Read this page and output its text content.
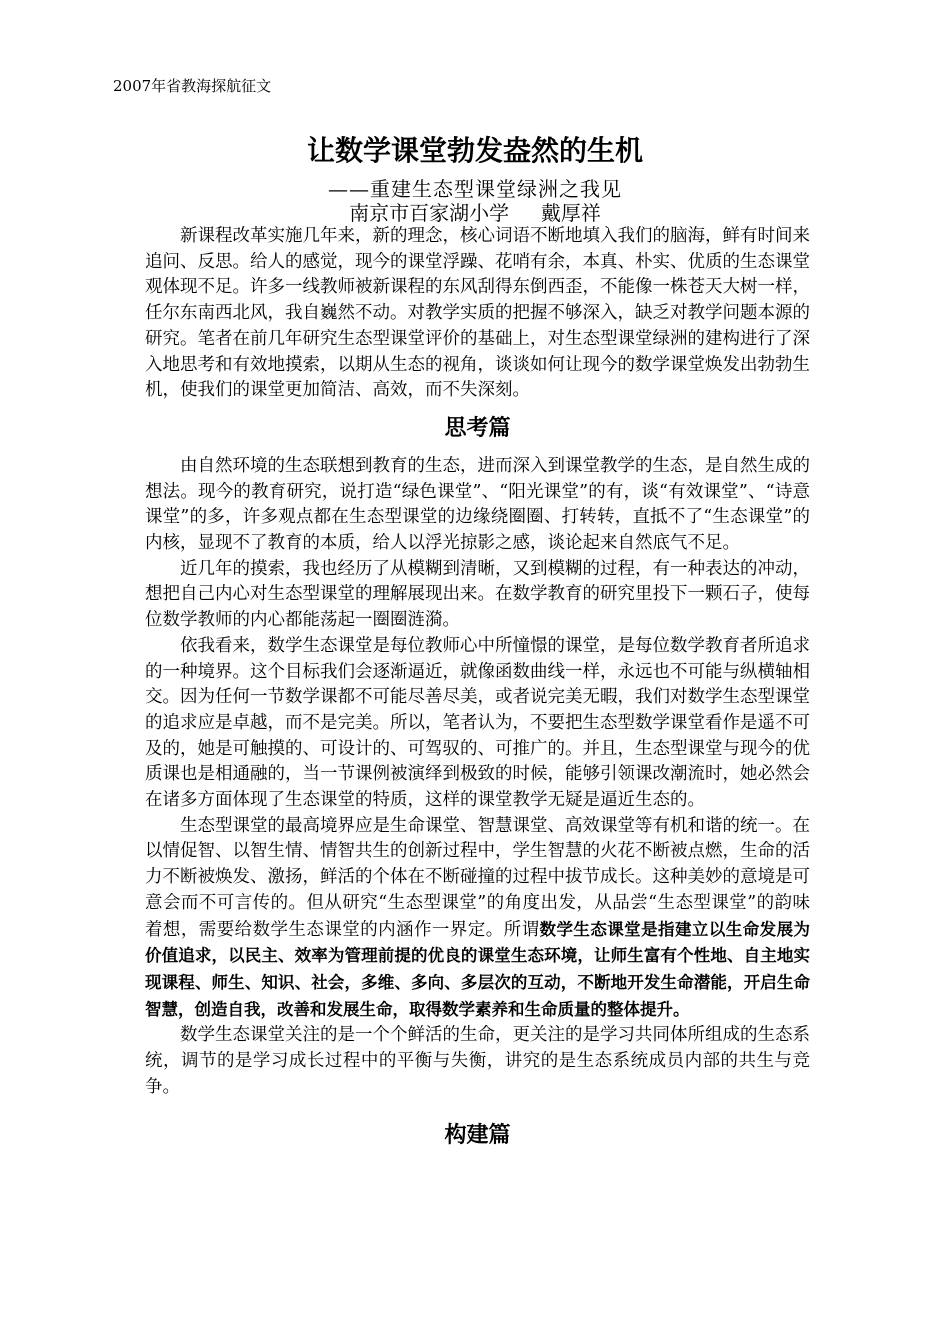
2007年省教海探航征文
让数学课堂勃发盎然的生机
——重建生态型课堂绿洲之我见
南京市百家湖小学     戴厚祥

新课程改革实施几年来，新的理念，核心词语不断地填入我们的脑海，鲜有时间来追问、反思。给人的感觉，现今的课堂浮躁、花哨有余，本真、朴实、优质的生态课堂观体现不足。许多一线教师被新课程的东风刮得东倒西歪，不能像一株苍天大树一样，任尔东南西北风，我自巍然不动。对教学实质的把握不够深入，缺乏对教学问题本源的研究。笔者在前几年研究生态型课堂评价的基础上，对生态型课堂绿洲的建构进行了深入地思考和有效地摸索，以期从生态的视角，谈谈如何让现今的数学课堂焕发出勃勃生机，使我们的课堂更加简洁、高效，而不失深刻。

思考篇

由自然环境的生态联想到教育的生态，进而深入到课堂教学的生态，是自然生成的想法。现今的教育研究，说打造“绿色课堂”、“阳光课堂”的有，谈“有效课堂”、“诗意课堂”的多，许多观点都在生态型课堂的边缘绕圈圈、打转转，直抵不了“生态课堂”的内核，显现不了教育的本质，给人以浮光掠影之感，谈论起来自然底气不足。

近几年的摸索，我也经历了从模糊到清晰，又到模糊的过程，有一种表达的冲动，想把自己内心对生态型课堂的理解展现出来。在数学教育的研究里投下一颗石子，使每位数学教师的内心都能荡起一圈圈涟漪。

依我看来，数学生态课堂是每位教师心中所憧憬的课堂，是每位数学教育者所追求的一种境界。这个目标我们会逐渐逼近，就像函数曲线一样，永远也不可能与纵横轴相交。因为任何一节数学课都不可能尽善尽美，或者说完美无暇，我们对数学生态型课堂的追求应是卓越，而不是完美。所以，笔者认为，不要把生态型数学课堂看作是遥不可及的，她是可触摸的、可设计的、可驾驭的、可推广的。并且，生态型课堂与现今的优质课也是相通融的，当一节课例被演绎到极致的时候，能够引领课改潮流时，她必然会在诸多方面体现了生态课堂的特质，这样的课堂教学无疑是逼近生态的。

生态型课堂的最高境界应是生命课堂、智慧课堂、高效课堂等有机和谐的统一。在以情促智、以智生情、情智共生的创新过程中，学生智慧的火花不断被点燃，生命的活力不断被焕发、激扬，鲜活的个体在不断碰撞的过程中拔节成长。这种美妙的意境是可意会而不可言传的。但从研究“生态型课堂”的角度出发，从品尝“生态型课堂”的韵味着想，需要给数学生态课堂的内涵作一界定。所谓数学生态课堂是指建立以生命发展为价值追求，以民主、效率为管理前提的优良的课堂生态环境，让师生富有个性地、自主地实现课程、师生、知识、社会，多维、多向、多层次的互动，不断地开发生命潜能，开启生命智慧，创造自我，改善和发展生命，取得数学素养和生命质量的整体提升。

数学生态课堂关注的是一个个鲜活的生命，更关注的是学习共同体所组成的生态系统，调节的是学习成长过程中的平衡与失衡，讲究的是生态系统成员内部的共生与竞争。

构建篇
